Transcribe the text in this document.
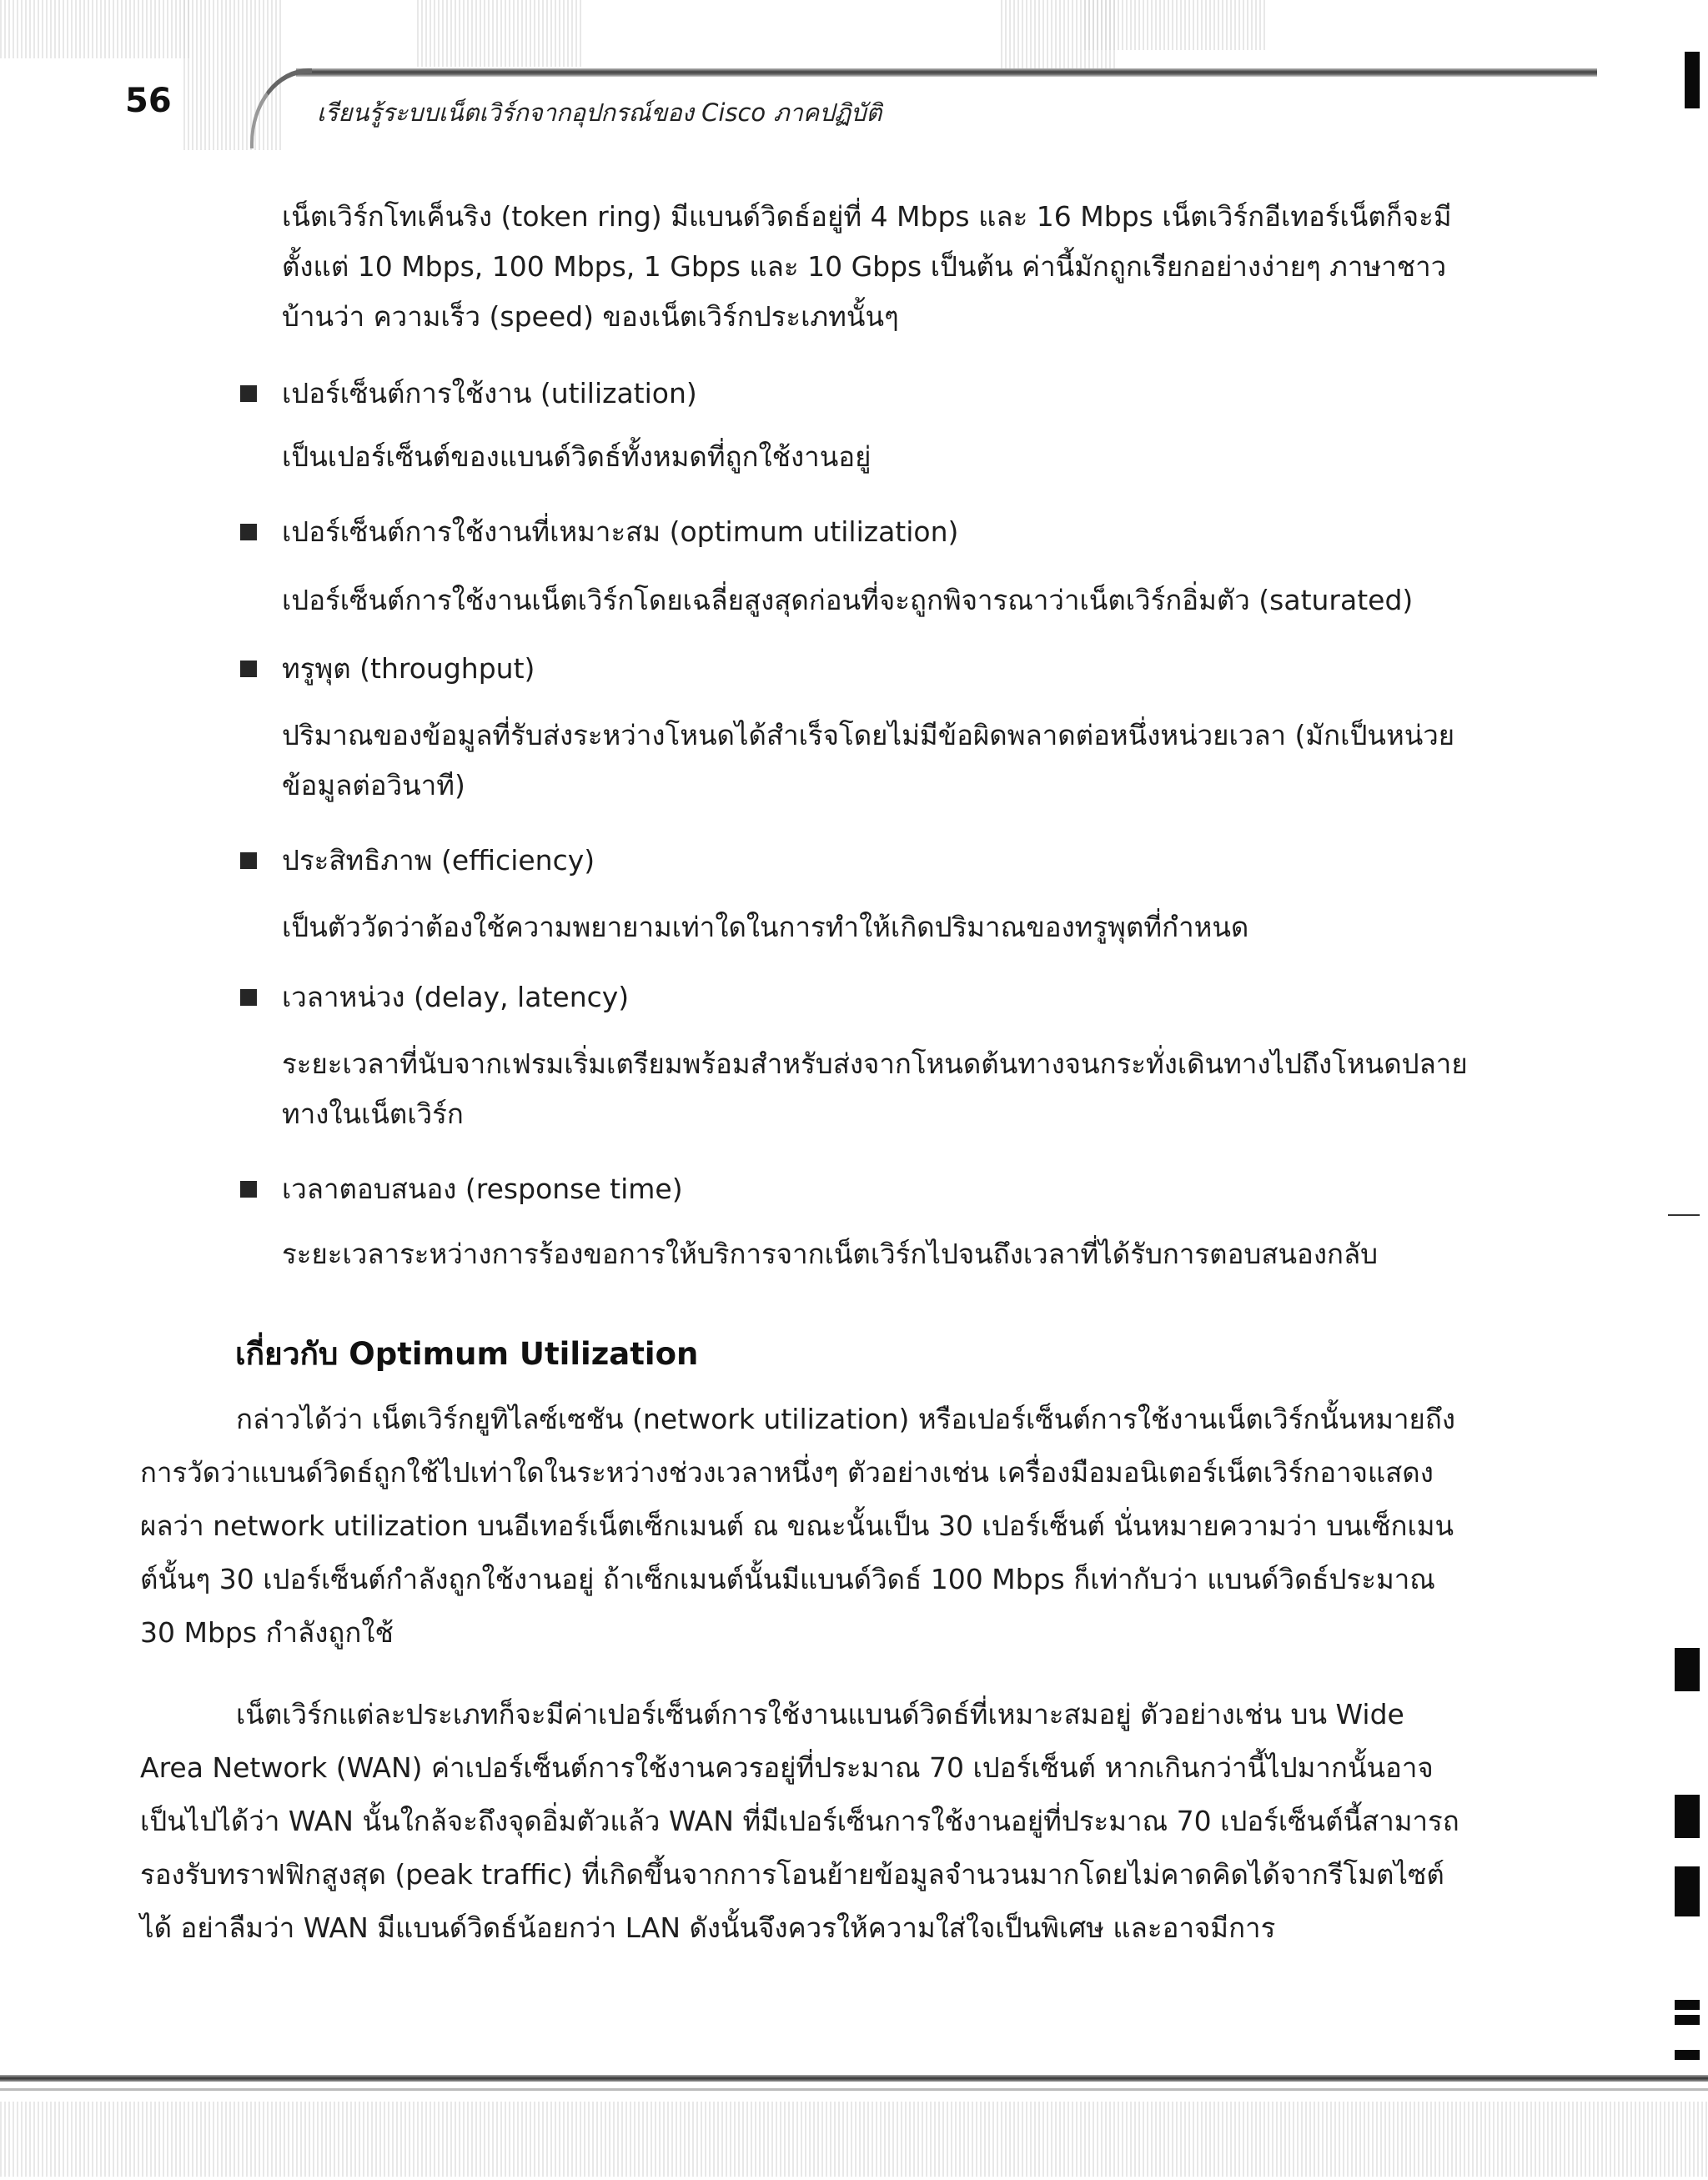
56	เรียนรู้ระบบเน็ตเวิร์กจากอุปกรณ์ของ Cisco ภาคปฏิบัติ
เน็ตเวิร์กโทเค็นริง (token ring) มีแบนด์วิดธ์อยู่ที่ 4 Mbps และ 16 Mbps เน็ตเวิร์กอีเทอร์เน็ตก็จะมีตั้งแต่ 10 Mbps, 100 Mbps, 1 Gbps และ 10 Gbps เป็นต้น ค่านี้มักถูกเรียกอย่างง่ายๆ ภาษาชาวบ้านว่า ความเร็ว (speed) ของเน็ตเวิร์กประเภทนั้นๆ
เปอร์เซ็นต์การใช้งาน (utilization)
เป็นเปอร์เซ็นต์ของแบนด์วิดธ์ทั้งหมดที่ถูกใช้งานอยู่
เปอร์เซ็นต์การใช้งานที่เหมาะสม (optimum utilization)
เปอร์เซ็นต์การใช้งานเน็ตเวิร์กโดยเฉลี่ยสูงสุดก่อนที่จะถูกพิจารณาว่าเน็ตเวิร์กอิ่มตัว (saturated)
ทรูพุต (throughput)
ปริมาณของข้อมูลที่รับส่งระหว่างโหนดได้สำเร็จโดยไม่มีข้อผิดพลาดต่อหนึ่งหน่วยเวลา (มักเป็นหน่วยข้อมูลต่อวินาที)
ประสิทธิภาพ (efficiency)
เป็นตัววัดว่าต้องใช้ความพยายามเท่าใดในการทำให้เกิดปริมาณของทรูพุตที่กำหนด
เวลาหน่วง (delay, latency)
ระยะเวลาที่นับจากเฟรมเริ่มเตรียมพร้อมสำหรับส่งจากโหนดต้นทางจนกระทั่งเดินทางไปถึงโหนดปลายทางในเน็ตเวิร์ก
เวลาตอบสนอง (response time)
ระยะเวลาระหว่างการร้องขอการให้บริการจากเน็ตเวิร์กไปจนถึงเวลาที่ได้รับการตอบสนองกลับ
เกี่ยวกับ Optimum Utilization
กล่าวได้ว่า เน็ตเวิร์กยูทิไลซ์เซชัน (network utilization) หรือเปอร์เซ็นต์การใช้งานเน็ตเวิร์กนั้นหมายถึงการวัดว่าแบนด์วิดธ์ถูกใช้ไปเท่าใดในระหว่างช่วงเวลาหนึ่งๆ ตัวอย่างเช่น เครื่องมือมอนิเตอร์เน็ตเวิร์กอาจแสดงผลว่า network utilization บนอีเทอร์เน็ตเซ็กเมนต์ ณ ขณะนั้นเป็น 30 เปอร์เซ็นต์ นั่นหมายความว่า บนเซ็กเมนต์นั้นๆ 30 เปอร์เซ็นต์กำลังถูกใช้งานอยู่ ถ้าเซ็กเมนต์นั้นมีแบนด์วิดธ์ 100 Mbps ก็เท่ากับว่า แบนด์วิดธ์ประมาณ 30 Mbps กำลังถูกใช้
เน็ตเวิร์กแต่ละประเภทก็จะมีค่าเปอร์เซ็นต์การใช้งานแบนด์วิดธ์ที่เหมาะสมอยู่ ตัวอย่างเช่น บน Wide Area Network (WAN) ค่าเปอร์เซ็นต์การใช้งานควรอยู่ที่ประมาณ 70 เปอร์เซ็นต์ หากเกินกว่านี้ไปมากนั้นอาจเป็นไปได้ว่า WAN นั้นใกล้จะถึงจุดอิ่มตัวแล้ว WAN ที่มีเปอร์เซ็นการใช้งานอยู่ที่ประมาณ 70 เปอร์เซ็นต์นี้สามารถรองรับทราฟฟิกสูงสุด (peak traffic) ที่เกิดขึ้นจากการโอนย้ายข้อมูลจำนวนมากโดยไม่คาดคิดได้จากรีโมตไซต์ได้ อย่าลืมว่า WAN มีแบนด์วิดธ์น้อยกว่า LAN ดังนั้นจึงควรให้ความใส่ใจเป็นพิเศษ และอาจมีการ
